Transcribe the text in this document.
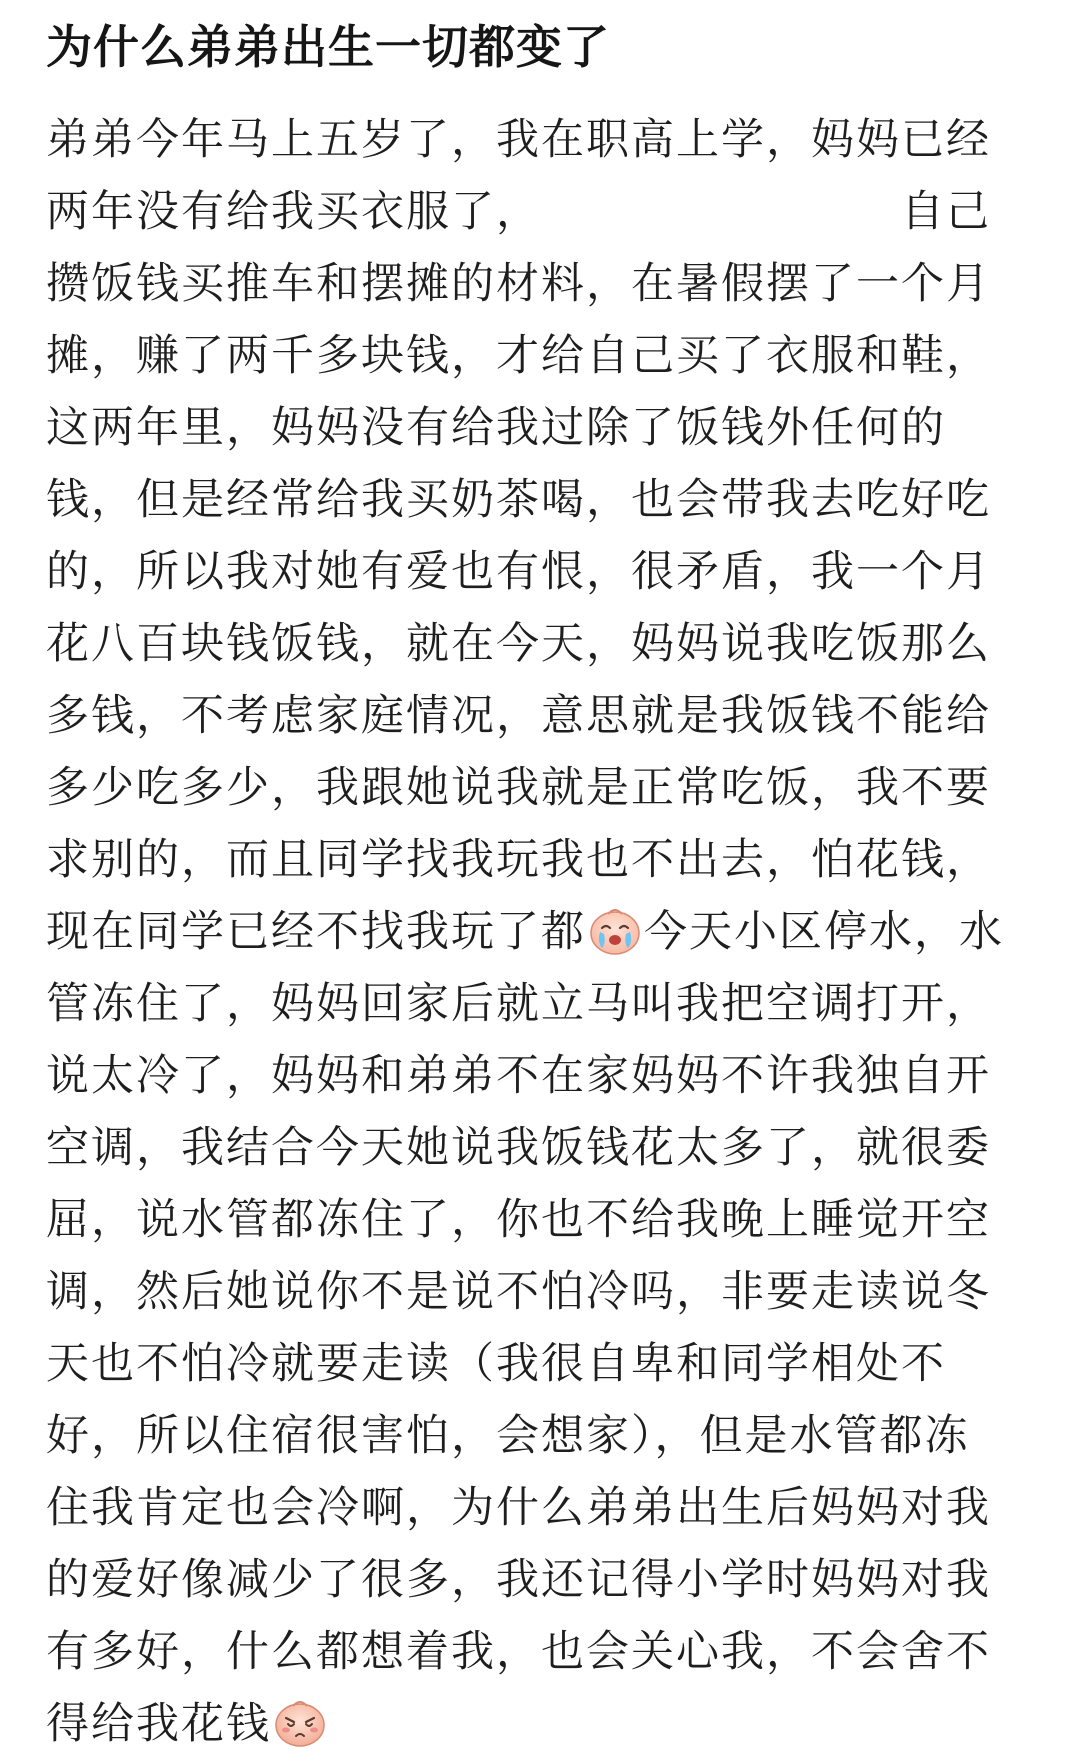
为什么弟弟出生一切都变了
弟弟今年马上五岁了，我在职高上学，妈妈已经
两年没有给我买衣服了，	自己
攒饭钱买推车和摆摊的材料，在暑假摆了一个月
摊，赚了两千多块钱，才给自己买了衣服和鞋，
这两年里，妈妈没有给我过除了饭钱外任何的
钱，但是经常给我买奶茶喝，也会带我去吃好吃
的，所以我对她有爱也有恨，很矛盾，我一个月
花八百块钱饭钱，就在今天，妈妈说我吃饭那么
多钱，不考虑家庭情况，意思就是我饭钱不能给
多少吃多少，我跟她说我就是正常吃饭，我不要
求别的，而且同学找我玩我也不出去，怕花钱，
现在同学已经不找我玩了都 今天小区停水，水
管冻住了，妈妈回家后就立马叫我把空调打开，
说太冷了，妈妈和弟弟不在家妈妈不许我独自开
空调，我结合今天她说我饭钱花太多了，就很委
屈，说水管都冻住了，你也不给我晚上睡觉开空
调，然后她说你不是说不怕冷吗，非要走读说冬
天也不怕冷就要走读（我很自卑和同学相处不
好，所以住宿很害怕，会想家），但是水管都冻
住我肯定也会冷啊，为什么弟弟出生后妈妈对我
的爱好像减少了很多，我还记得小学时妈妈对我
有多好，什么都想着我，也会关心我，不会舍不
得给我花钱
